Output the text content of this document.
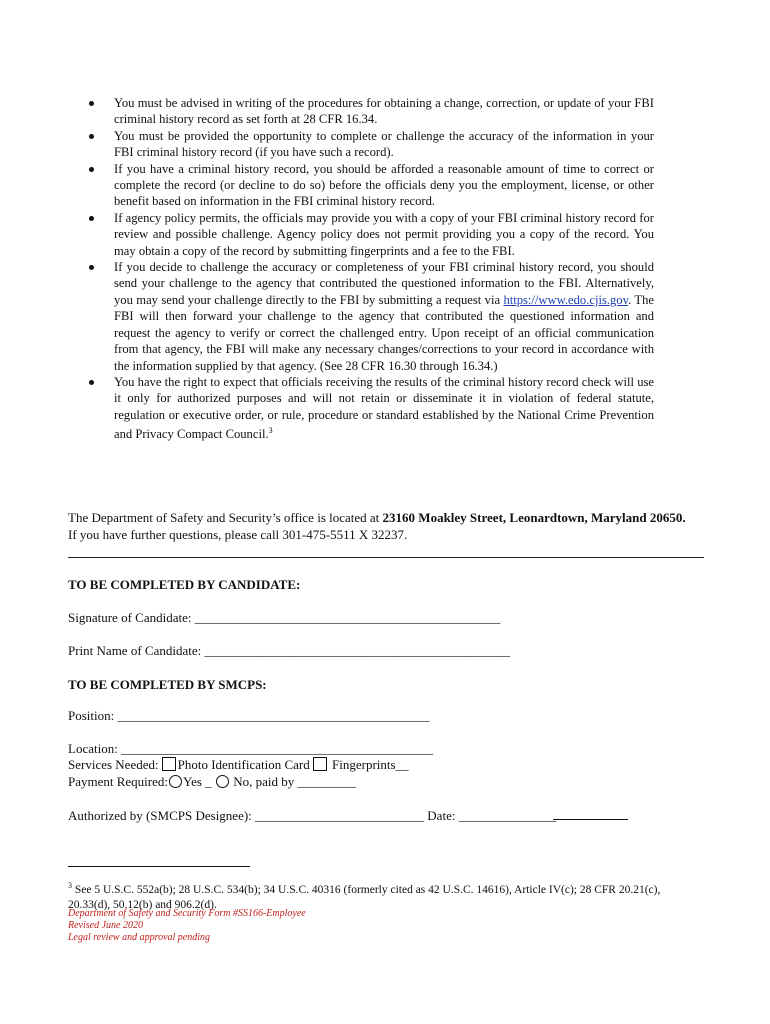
You must be advised in writing of the procedures for obtaining a change, correction, or update of your FBI criminal history record as set forth at 28 CFR 16.34.
You must be provided the opportunity to complete or challenge the accuracy of the information in your FBI criminal history record (if you have such a record).
If you have a criminal history record, you should be afforded a reasonable amount of time to correct or complete the record (or decline to do so) before the officials deny you the employment, license, or other benefit based on information in the FBI criminal history record.
If agency policy permits, the officials may provide you with a copy of your FBI criminal history record for review and possible challenge. Agency policy does not permit providing you a copy of the record. You may obtain a copy of the record by submitting fingerprints and a fee to the FBI.
If you decide to challenge the accuracy or completeness of your FBI criminal history record, you should send your challenge to the agency that contributed the questioned information to the FBI. Alternatively, you may send your challenge directly to the FBI by submitting a request via https://www.edo.cjis.gov. The FBI will then forward your challenge to the agency that contributed the questioned information and request the agency to verify or correct the challenged entry. Upon receipt of an official communication from that agency, the FBI will make any necessary changes/corrections to your record in accordance with the information supplied by that agency. (See 28 CFR 16.30 through 16.34.)
You have the right to expect that officials receiving the results of the criminal history record check will use it only for authorized purposes and will not retain or disseminate it in violation of federal statute, regulation or executive order, or rule, procedure or standard established by the National Crime Prevention and Privacy Compact Council.$^3$
The Department of Safety and Security’s office is located at 23160 Moakley Street, Leonardtown, Maryland 20650. If you have further questions, please call 301-475-5511 X 32237.
TO BE COMPLETED BY CANDIDATE:
Signature of Candidate: _______________________________________________
Print Name of Candidate: _______________________________________________
TO BE COMPLETED BY SMCPS:
Position: ________________________________________________
Location: ________________________________________________
Services Needed: Photo Identification Card Fingerprints__
Payment Required: Yes _ No, paid by _________
Authorized by (SMCPS Designee): __________________________ Date: _______________
$^3$ See 5 U.S.C. 552a(b); 28 U.S.C. 534(b); 34 U.S.C. 40316 (formerly cited as 42 U.S.C. 14616), Article IV(c); 28 CFR 20.21(c), 20.33(d), 50.12(b) and 906.2(d).
Department of Safety and Security Form #SS166-Employee
Revised June 2020
Legal review and approval pending
